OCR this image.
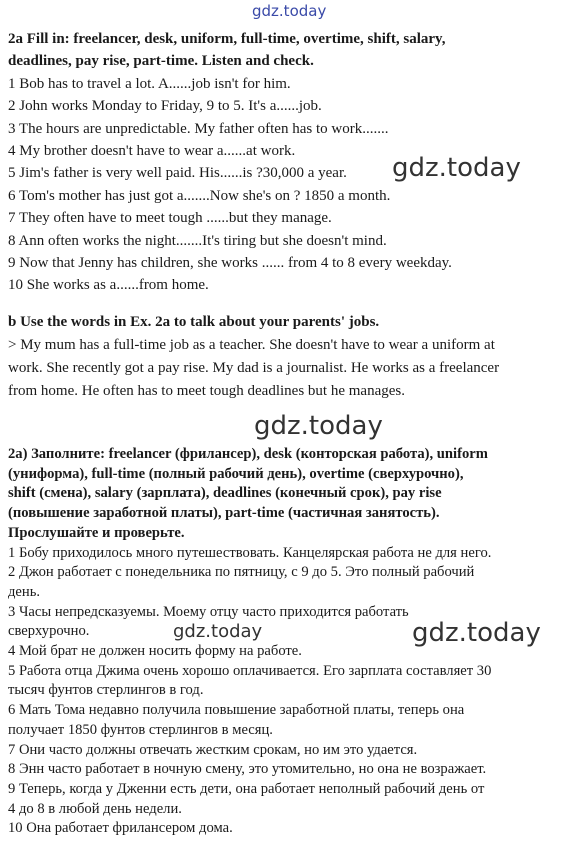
gdz.today
2a Fill in: freelancer, desk, uniform, full-time, overtime, shift, salary,
deadlines, pay rise, part-time. Listen and check.
1 Bob has to travel a lot. A......job isn't for him.
2 John works Monday to Friday, 9 to 5. It's a......job.
3 The hours are unpredictable. My father often has to work.......
4 My brother doesn't have to wear a......at work.
5 Jim's father is very well paid. His......is ?30,000 a year.
6 Tom's mother has just got a.......Now she's on ? 1850 a month.
7 They often have to meet tough ......but they manage.
8 Ann often works the night.......It's tiring but she doesn't mind.
9 Now that Jenny has children, she works ...... from 4 to 8 every weekday.
10 She works as a......from home.
gdz.today
b Use the words in Ex. 2a to talk about your parents' jobs.
> My mum has a full-time job as a teacher. She doesn't have to wear a uniform at
work. She recently got a pay rise. My dad is a journalist. He works as a freelancer
from home. He often has to meet tough deadlines but he manages.
gdz.today
2а) Заполните: freelancer (фрилансер), desk (конторская работа), uniform
(униформа), full-time (полный рабочий день), overtime (сверхурочно),
shift (смена), salary (зарплата), deadlines (конечный срок), pay rise
(повышение заработной платы), part-time (частичная занятость).
Прослушайте и проверьте.
1 Бобу приходилось много путешествовать. Канцелярская работа не для него.
2 Джон работает с понедельника по пятницу, с 9 до 5. Это полный рабочий
день.
3 Часы непредсказуемы. Моему отцу часто приходится работать
сверхурочно.
4 Мой брат не должен носить форму на работе.
5 Работа отца Джима очень хорошо оплачивается. Его зарплата составляет 30
тысяч фунтов стерлингов в год.
6 Мать Тома недавно получила повышение заработной платы, теперь она
получает 1850 фунтов стерлингов в месяц.
7 Они часто должны отвечать жестким срокам, но им это удается.
8 Энн часто работает в ночную смену, это утомительно, но она не возражает.
9 Теперь, когда у Дженни есть дети, она работает неполный рабочий день от
4 до 8 в любой день недели.
10 Она работает фрилансером дома.
gdz.today	gdz.today
